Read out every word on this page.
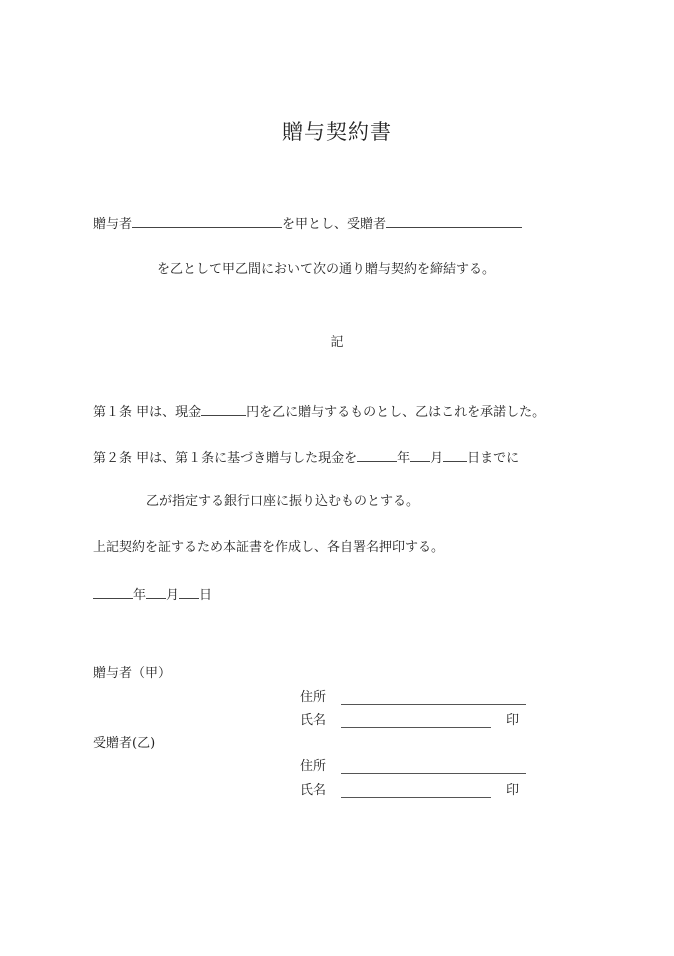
贈与契約書
贈与者	を甲とし、受贈者
を乙として甲乙間において次の通り贈与契約を締結する。
記
第１条 甲は、現金	円を乙に贈与するものとし、乙はこれを承諾した。
第２条 甲は、第１条に基づき贈与した現金を	年 月 日までに
乙が指定する銀行口座に振り込むものとする。
上記契約を証するため本証書を作成し、各自署名押印する。
年 月 日
贈与者（甲）
住所
氏名	印
受贈者(乙)
住所
氏名	印
